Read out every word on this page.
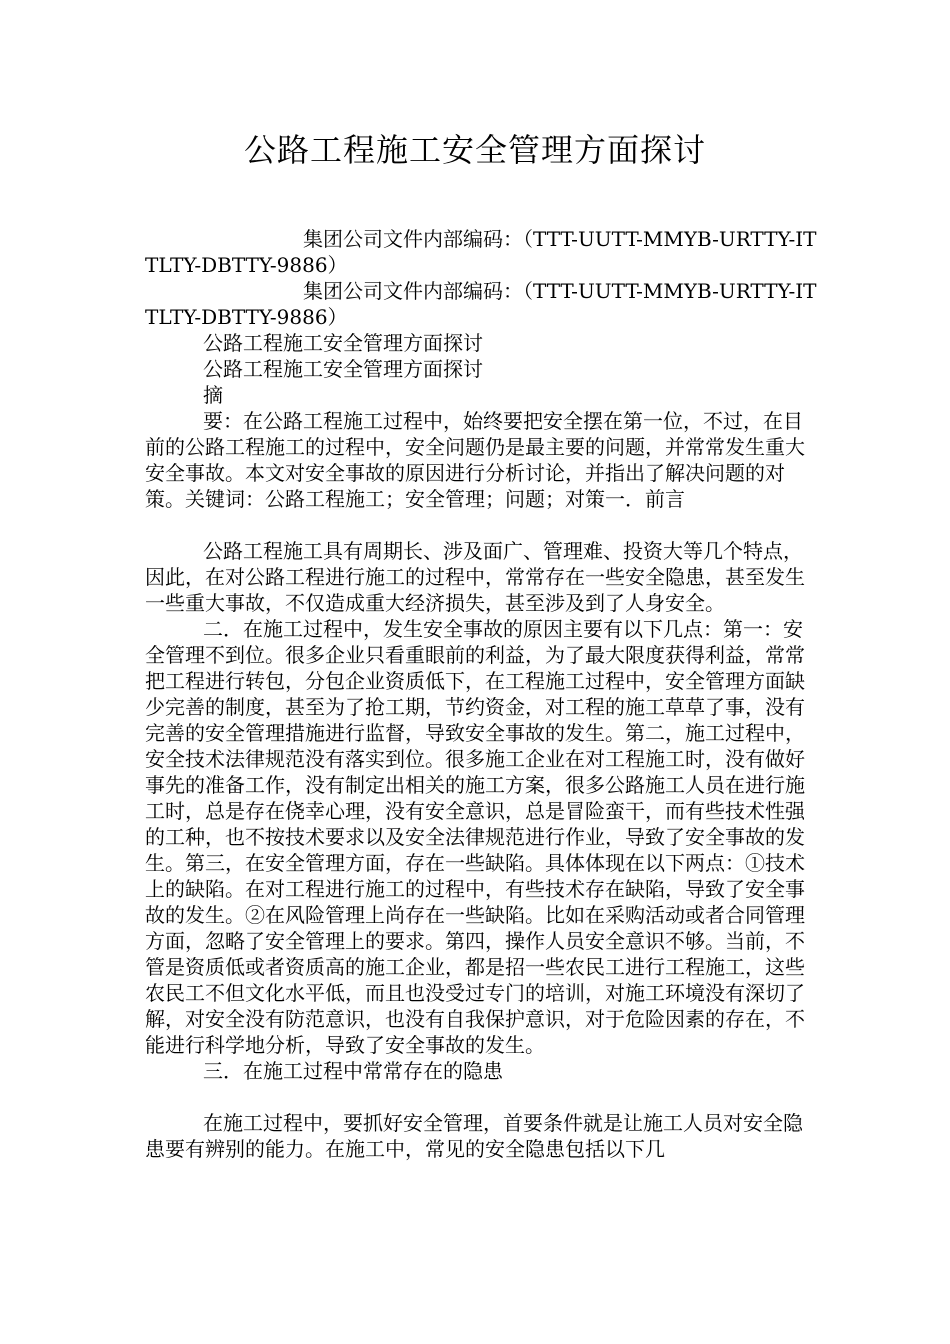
公路工程施工安全管理方面探讨

集团公司文件内部编码：（TTT-UUTT-MMYB-URTTY-ITTLTY-DBTTY-9886）

集团公司文件内部编码：（TTT-UUTT-MMYB-URTTY-ITTLTY-DBTTY-9886）

公路工程施工安全管理方面探讨

公路工程施工安全管理方面探讨

摘

要：在公路工程施工过程中，始终要把安全摆在第一位，不过，在目前的公路工程施工的过程中，安全问题仍是最主要的问题，并常常发生重大安全事故。本文对安全事故的原因进行分析讨论，并指出了解决问题的对策。关键词：公路工程施工；安全管理；问题；对策一．前言

公路工程施工具有周期长、涉及面广、管理难、投资大等几个特点，因此，在对公路工程进行施工的过程中，常常存在一些安全隐患，甚至发生一些重大事故，不仅造成重大经济损失，甚至涉及到了人身安全。

二．在施工过程中，发生安全事故的原因主要有以下几点：第一：安全管理不到位。很多企业只看重眼前的利益，为了最大限度获得利益，常常把工程进行转包，分包企业资质低下，在工程施工过程中，安全管理方面缺少完善的制度，甚至为了抢工期，节约资金，对工程的施工草草了事，没有完善的安全管理措施进行监督，导致安全事故的发生。第二，施工过程中，安全技术法律规范没有落实到位。很多施工企业在对工程施工时，没有做好事先的准备工作，没有制定出相关的施工方案，很多公路施工人员在进行施工时，总是存在侥幸心理，没有安全意识，总是冒险蛮干，而有些技术性强的工种，也不按技术要求以及安全法律规范进行作业，导致了安全事故的发生。第三，在安全管理方面，存在一些缺陷。具体体现在以下两点：①技术上的缺陷。在对工程进行施工的过程中，有些技术存在缺陷，导致了安全事故的发生。②在风险管理上尚存在一些缺陷。比如在采购活动或者合同管理方面，忽略了安全管理上的要求。第四，操作人员安全意识不够。当前，不管是资质低或者资质高的施工企业，都是招一些农民工进行工程施工，这些农民工不但文化水平低，而且也没受过专门的培训，对施工环境没有深切了解，对安全没有防范意识，也没有自我保护意识，对于危险因素的存在，不能进行科学地分析，导致了安全事故的发生。

三．在施工过程中常常存在的隐患

在施工过程中，要抓好安全管理，首要条件就是让施工人员对安全隐患要有辨别的能力。在施工中，常见的安全隐患包括以下几
